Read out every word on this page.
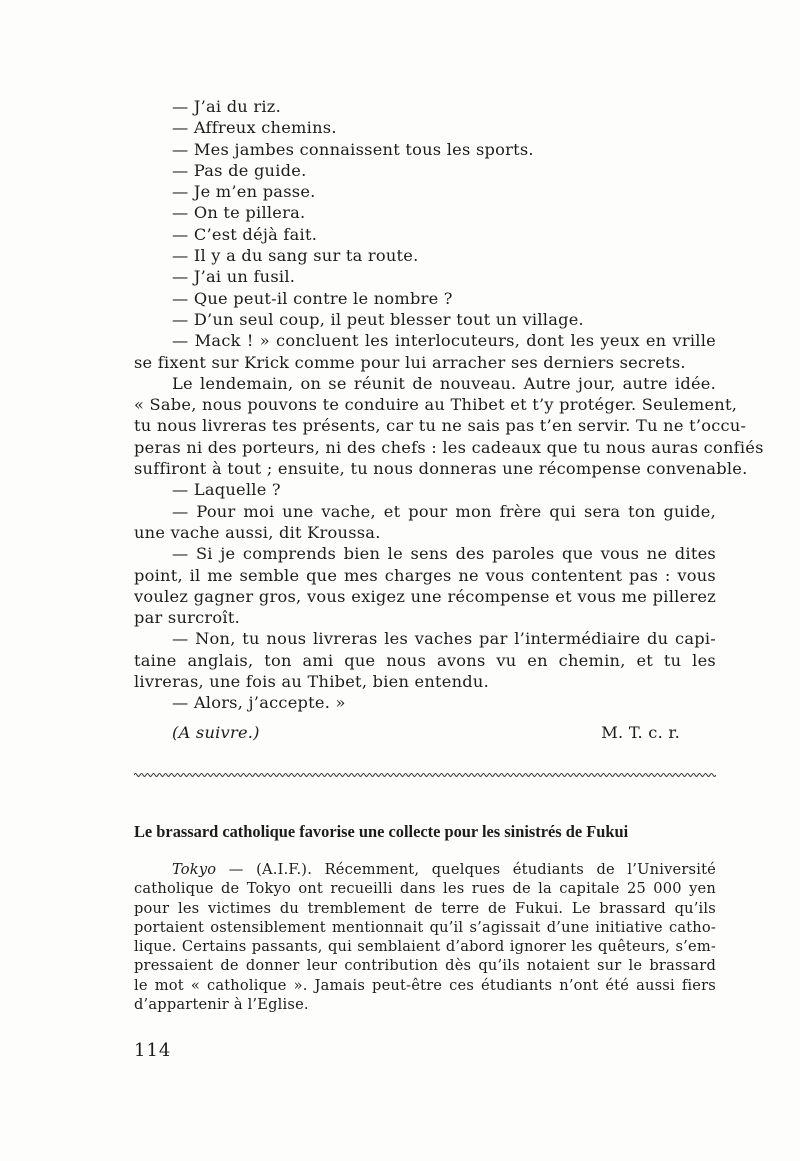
— J’ai du riz.
— Affreux chemins.
— Mes jambes connaissent tous les sports.
— Pas de guide.
— Je m’en passe.
— On te pillera.
— C’est déjà fait.
— Il y a du sang sur ta route.
— J’ai un fusil.
— Que peut-il contre le nombre ?
— D’un seul coup, il peut blesser tout un village.
— Mack ! » concluent les interlocuteurs, dont les yeux en vrille
se fixent sur Krick comme pour lui arracher ses derniers secrets.
Le lendemain, on se réunit de nouveau. Autre jour, autre idée.
« Sabe, nous pouvons te conduire au Thibet et t’y protéger. Seulement,
tu nous livreras tes présents, car tu ne sais pas t’en servir. Tu ne t’occu-
peras ni des porteurs, ni des chefs : les cadeaux que tu nous auras confiés
suffiront à tout ; ensuite, tu nous donneras une récompense convenable.
— Laquelle ?
— Pour moi une vache, et pour mon frère qui sera ton guide,
une vache aussi, dit Kroussa.
— Si je comprends bien le sens des paroles que vous ne dites
point, il me semble que mes charges ne vous contentent pas : vous
voulez gagner gros, vous exigez une récompense et vous me pillerez
par surcroît.
— Non, tu nous livreras les vaches par l’intermédiaire du capi-
taine anglais, ton ami que nous avons vu en chemin, et tu les
livreras, une fois au Thibet, bien entendu.
— Alors, j’accepte. »
(A suivre.)	M. T. c. r.
Le brassard catholique favorise une collecte pour les sinistrés de Fukui
Tokyo — (A.I.F.). Récemment, quelques étudiants de l’Université
catholique de Tokyo ont recueilli dans les rues de la capitale 25 000 yen
pour les victimes du tremblement de terre de Fukui. Le brassard qu’ils
portaient ostensiblement mentionnait qu’il s’agissait d’une initiative catho-
lique. Certains passants, qui semblaient d’abord ignorer les quêteurs, s’em-
pressaient de donner leur contribution dès qu’ils notaient sur le brassard
le mot « catholique ». Jamais peut-être ces étudiants n’ont été aussi fiers
d’appartenir à l’Eglise.
114
